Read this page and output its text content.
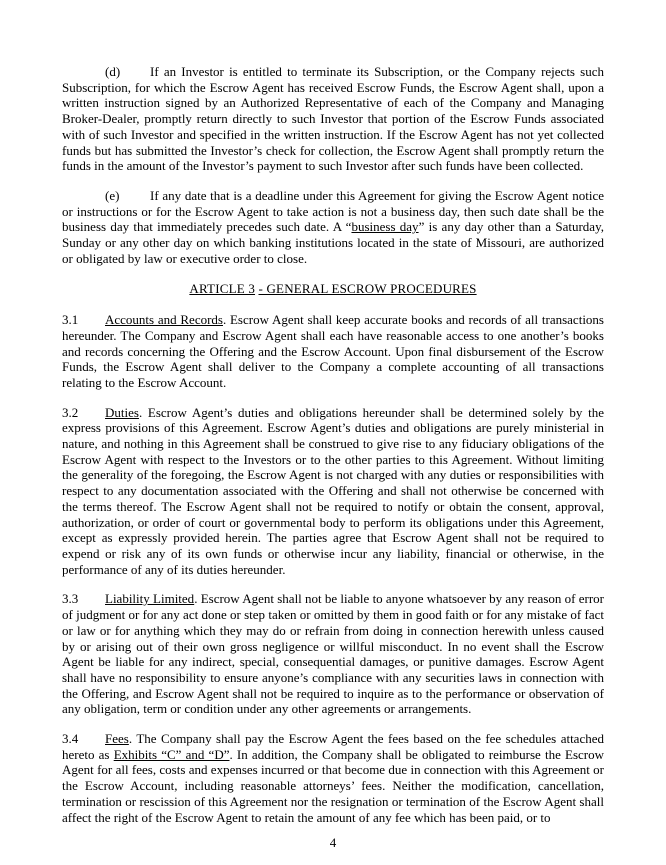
(d) If an Investor is entitled to terminate its Subscription, or the Company rejects such Subscription, for which the Escrow Agent has received Escrow Funds, the Escrow Agent shall, upon a written instruction signed by an Authorized Representative of each of the Company and Managing Broker-Dealer, promptly return directly to such Investor that portion of the Escrow Funds associated with of such Investor and specified in the written instruction. If the Escrow Agent has not yet collected funds but has submitted the Investor’s check for collection, the Escrow Agent shall promptly return the funds in the amount of the Investor’s payment to such Investor after such funds have been collected.

(e) If any date that is a deadline under this Agreement for giving the Escrow Agent notice or instructions or for the Escrow Agent to take action is not a business day, then such date shall be the business day that immediately precedes such date. A “business day” is any day other than a Saturday, Sunday or any other day on which banking institutions located in the state of Missouri, are authorized or obligated by law or executive order to close.

ARTICLE 3 - GENERAL ESCROW PROCEDURES

3.1 Accounts and Records. Escrow Agent shall keep accurate books and records of all transactions hereunder. The Company and Escrow Agent shall each have reasonable access to one another’s books and records concerning the Offering and the Escrow Account. Upon final disbursement of the Escrow Funds, the Escrow Agent shall deliver to the Company a complete accounting of all transactions relating to the Escrow Account.

3.2 Duties. Escrow Agent’s duties and obligations hereunder shall be determined solely by the express provisions of this Agreement. Escrow Agent’s duties and obligations are purely ministerial in nature, and nothing in this Agreement shall be construed to give rise to any fiduciary obligations of the Escrow Agent with respect to the Investors or to the other parties to this Agreement. Without limiting the generality of the foregoing, the Escrow Agent is not charged with any duties or responsibilities with respect to any documentation associated with the Offering and shall not otherwise be concerned with the terms thereof. The Escrow Agent shall not be required to notify or obtain the consent, approval, authorization, or order of court or governmental body to perform its obligations under this Agreement, except as expressly provided herein. The parties agree that Escrow Agent shall not be required to expend or risk any of its own funds or otherwise incur any liability, financial or otherwise, in the performance of any of its duties hereunder.

3.3 Liability Limited. Escrow Agent shall not be liable to anyone whatsoever by any reason of error of judgment or for any act done or step taken or omitted by them in good faith or for any mistake of fact or law or for anything which they may do or refrain from doing in connection herewith unless caused by or arising out of their own gross negligence or willful misconduct. In no event shall the Escrow Agent be liable for any indirect, special, consequential damages, or punitive damages. Escrow Agent shall have no responsibility to ensure anyone’s compliance with any securities laws in connection with the Offering, and Escrow Agent shall not be required to inquire as to the performance or observation of any obligation, term or condition under any other agreements or arrangements.

3.4 Fees. The Company shall pay the Escrow Agent the fees based on the fee schedules attached hereto as Exhibits “C” and “D”. In addition, the Company shall be obligated to reimburse the Escrow Agent for all fees, costs and expenses incurred or that become due in connection with this Agreement or the Escrow Account, including reasonable attorneys’ fees. Neither the modification, cancellation, termination or rescission of this Agreement nor the resignation or termination of the Escrow Agent shall affect the right of the Escrow Agent to retain the amount of any fee which has been paid, or to

4
